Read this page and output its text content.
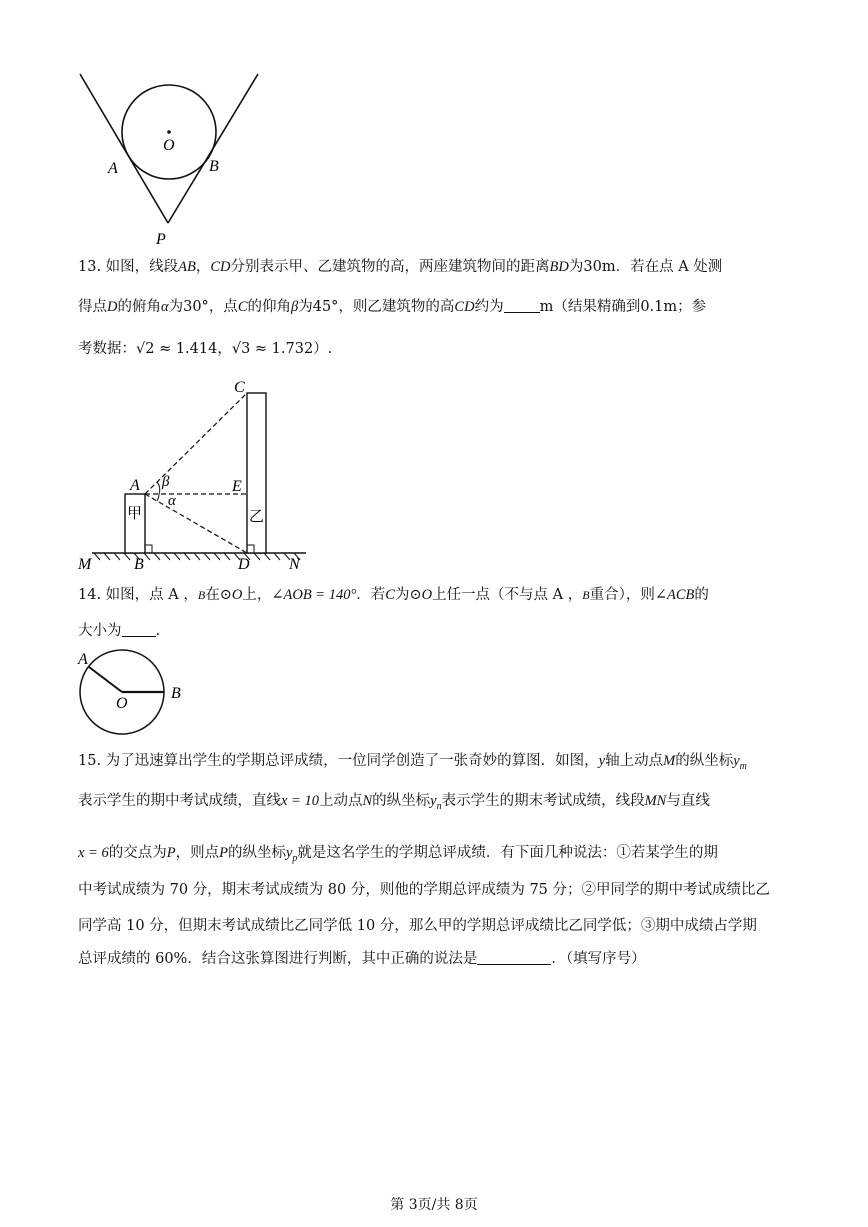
O
A	B
P
13. 如图，线段AB，CD分别表示甲、乙建筑物的高，两座建筑物间的距离BD为30m．若在点 A 处测
得点D的俯角α为30°，点C的仰角β为45°，则乙建筑物的高CD约为 m（结果精确到0.1m；参
考数据：√2 ≈ 1.414，√3 ≈ 1.732）.
C
A	E
β
α
甲	乙
M	B	D N
14. 如图，点 A ，B在⊙O上，∠AOB = 140°．若C为⊙O上任一点（不与点 A ，B重合），则∠ACB的
大小为 .
A
O
B
15. 为了迅速算出学生的学期总评成绩，一位同学创造了一张奇妙的算图．如图，y轴上动点M的纵坐标$y_m$
表示学生的期中考试成绩，直线x = 10上动点N的纵坐标$y_n$表示学生的期末考试成绩，线段MN与直线
x = 6的交点为P，则点P的纵坐标$y_p$就是这名学生的学期总评成绩．有下面几种说法：①若某学生的期
中考试成绩为 70 分，期末考试成绩为 80 分，则他的学期总评成绩为 75 分；②甲同学的期中考试成绩比乙
同学高 10 分，但期末考试成绩比乙同学低 10 分，那么甲的学期总评成绩比乙同学低；③期中成绩占学期
总评成绩的 60%．结合这张算图进行判断，其中正确的说法是	．（填写序号）
第 3页/共 8页
